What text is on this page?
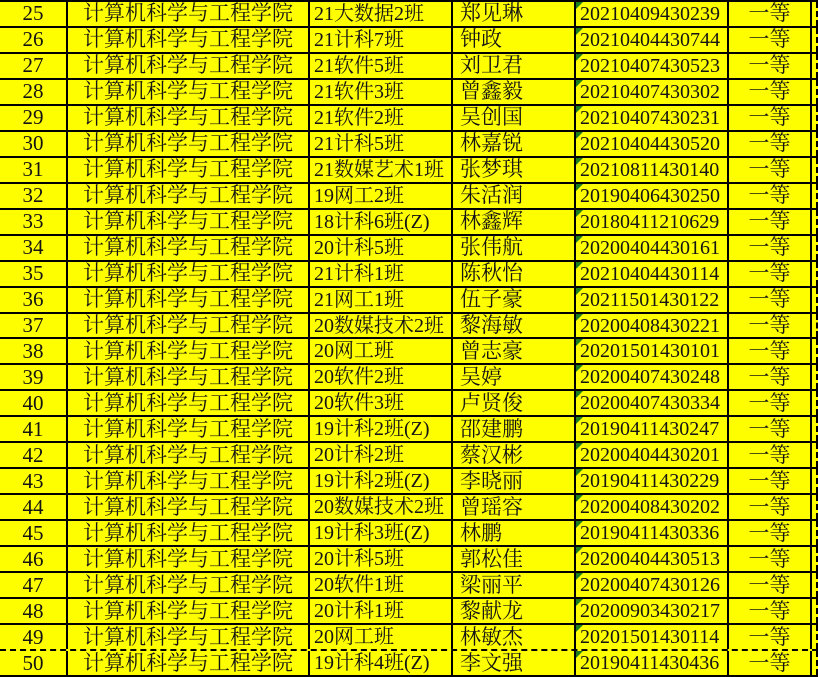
25 计算机科学与工程学院 21大数据2班 郑见琳	20210409430239 一等
26 计算机科学与工程学院 21计科7班	钟政	20210404430744 一等
27 计算机科学与工程学院 21软件5班	刘卫君	20210407430523 一等
28 计算机科学与工程学院 21软件3班	曾鑫毅	20210407430302 一等
29 计算机科学与工程学院 21软件2班	吴创国	20210407430231 一等
30 计算机科学与工程学院 21计科5班	林嘉锐	20210404430520 一等
31 计算机科学与工程学院 21数媒艺术1班 张梦琪	20210811430140 一等
32 计算机科学与工程学院 19网工2班	朱活润	20190406430250 一等
33 计算机科学与工程学院 18计科6班(Z) 林鑫辉	20180411210629 一等
34 计算机科学与工程学院 20计科5班	张伟航	20200404430161 一等
35 计算机科学与工程学院 21计科1班	陈秋怡	20210404430114 一等
36 计算机科学与工程学院 21网工1班	伍子豪	20211501430122 一等
37 计算机科学与工程学院 20数媒技术2班 黎海敏	20200408430221 一等
38 计算机科学与工程学院 20网工班	曾志豪	20201501430101 一等
39 计算机科学与工程学院 20软件2班	吴婷	20200407430248 一等
40 计算机科学与工程学院 20软件3班	卢贤俊	20200407430334 一等
41 计算机科学与工程学院 19计科2班(Z) 邵建鹏	20190411430247 一等
42 计算机科学与工程学院 20计科2班	蔡汉彬	20200404430201 一等
43 计算机科学与工程学院 19计科2班(Z) 李晓丽	20190411430229 一等
44 计算机科学与工程学院 20数媒技术2班 曾瑶容	20200408430202 一等
45 计算机科学与工程学院 19计科3班(Z) 林鹏	20190411430336 一等
46 计算机科学与工程学院 20计科5班	郭松佳	20200404430513 一等
47 计算机科学与工程学院 20软件1班	梁丽平	20200407430126 一等
48 计算机科学与工程学院 20计科1班	黎献龙	20200903430217 一等
49 计算机科学与工程学院 20网工班	林敏杰	20201501430114 一等
50 计算机科学与工程学院 19计科4班(Z) 李文强	20190411430436 一等
